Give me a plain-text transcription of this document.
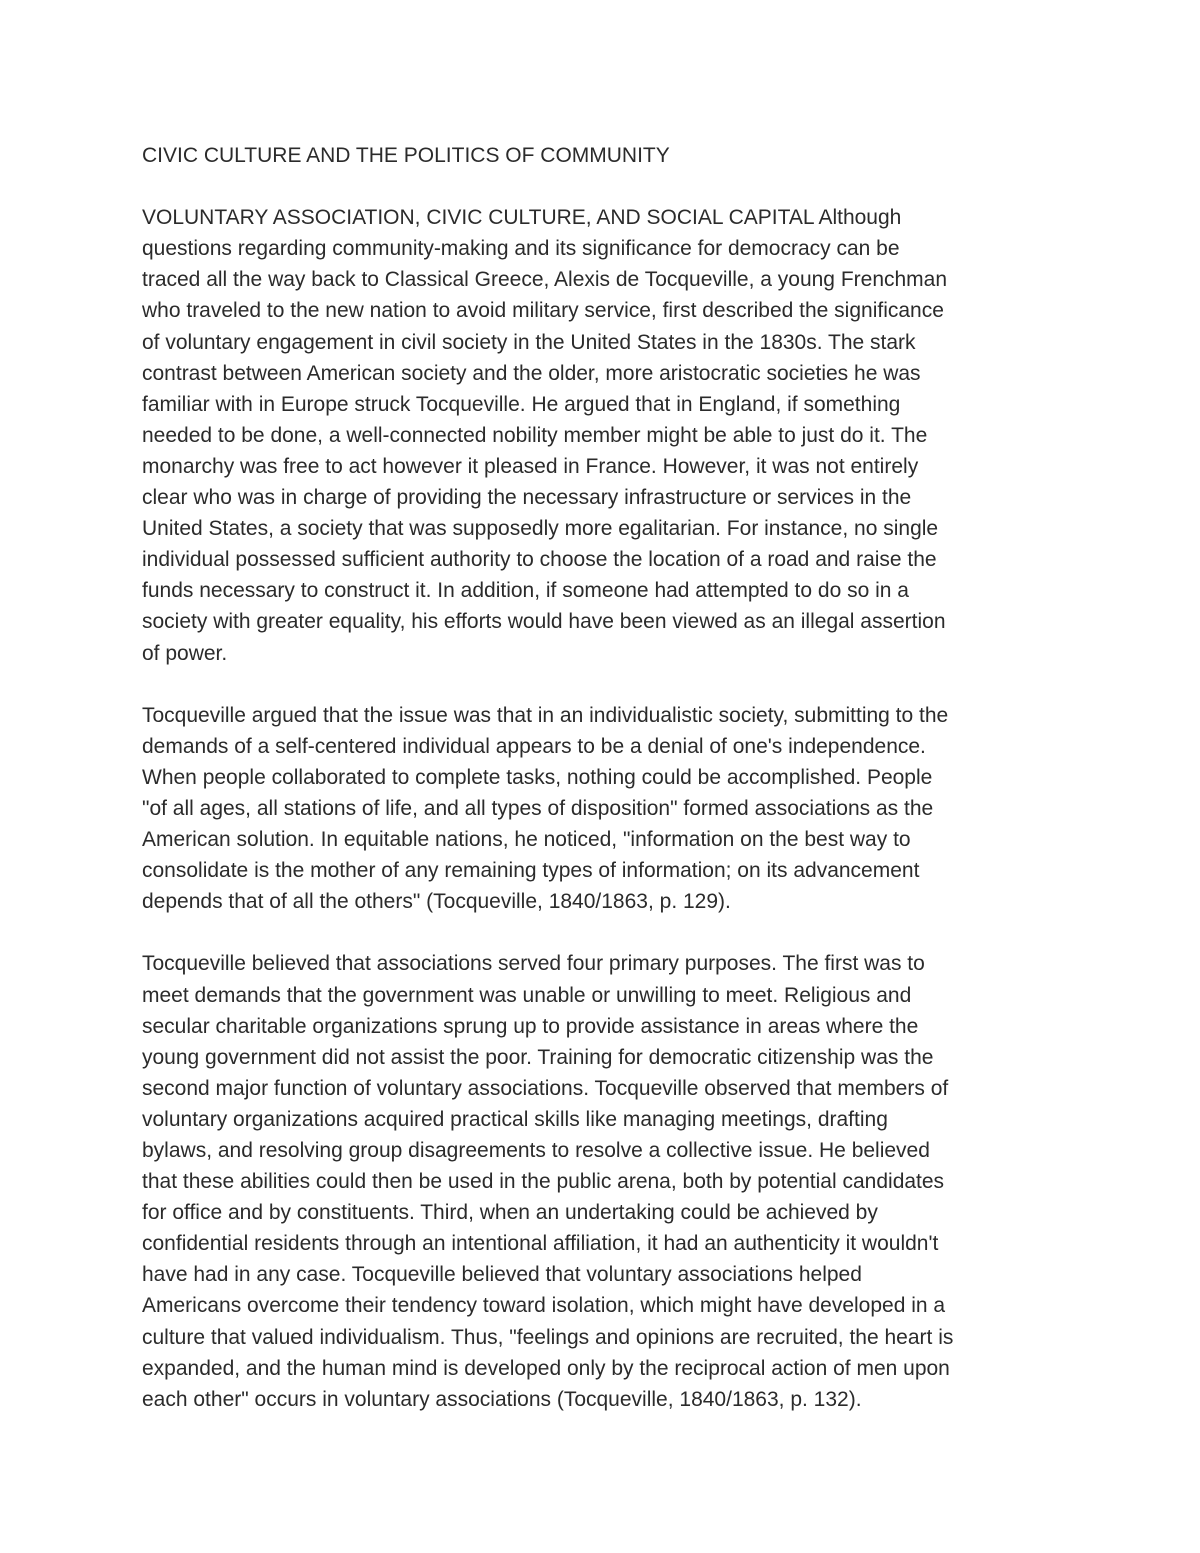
CIVIC CULTURE AND THE POLITICS OF COMMUNITY
VOLUNTARY ASSOCIATION, CIVIC CULTURE, AND SOCIAL CAPITAL Although
questions regarding community-making and its significance for democracy can be
traced all the way back to Classical Greece, Alexis de Tocqueville, a young Frenchman
who traveled to the new nation to avoid military service, first described the significance
of voluntary engagement in civil society in the United States in the 1830s. The stark
contrast between American society and the older, more aristocratic societies he was
familiar with in Europe struck Tocqueville. He argued that in England, if something
needed to be done, a well-connected nobility member might be able to just do it. The
monarchy was free to act however it pleased in France. However, it was not entirely
clear who was in charge of providing the necessary infrastructure or services in the
United States, a society that was supposedly more egalitarian. For instance, no single
individual possessed sufficient authority to choose the location of a road and raise the
funds necessary to construct it. In addition, if someone had attempted to do so in a
society with greater equality, his efforts would have been viewed as an illegal assertion
of power.
Tocqueville argued that the issue was that in an individualistic society, submitting to the
demands of a self-centered individual appears to be a denial of one's independence.
When people collaborated to complete tasks, nothing could be accomplished. People
"of all ages, all stations of life, and all types of disposition" formed associations as the
American solution. In equitable nations, he noticed, "information on the best way to
consolidate is the mother of any remaining types of information; on its advancement
depends that of all the others" (Tocqueville, 1840/1863, p. 129).
Tocqueville believed that associations served four primary purposes. The first was to
meet demands that the government was unable or unwilling to meet. Religious and
secular charitable organizations sprung up to provide assistance in areas where the
young government did not assist the poor. Training for democratic citizenship was the
second major function of voluntary associations. Tocqueville observed that members of
voluntary organizations acquired practical skills like managing meetings, drafting
bylaws, and resolving group disagreements to resolve a collective issue. He believed
that these abilities could then be used in the public arena, both by potential candidates
for office and by constituents. Third, when an undertaking could be achieved by
confidential residents through an intentional affiliation, it had an authenticity it wouldn't
have had in any case. Tocqueville believed that voluntary associations helped
Americans overcome their tendency toward isolation, which might have developed in a
culture that valued individualism. Thus, "feelings and opinions are recruited, the heart is
expanded, and the human mind is developed only by the reciprocal action of men upon
each other" occurs in voluntary associations (Tocqueville, 1840/1863, p. 132).
